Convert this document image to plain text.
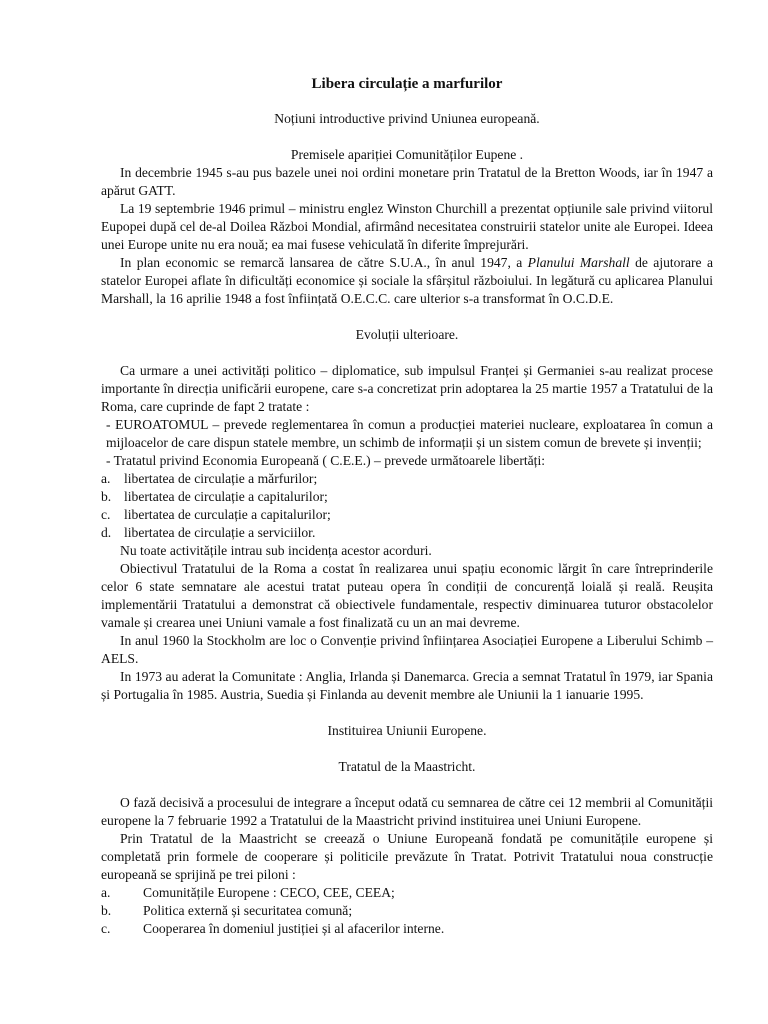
Libera circulație a marfurilor
Noțiuni introductive privind Uniunea europeană.
Premisele apariției Comunităților Eupene .

In decembrie 1945 s-au pus bazele unei noi ordini monetare prin Tratatul de la Bretton Woods, iar în 1947 a apărut GATT.

La 19 septembrie 1946 primul – ministru englez Winston Churchill a prezentat opțiunile sale privind viitorul Eupopei după cel de-al Doilea Război Mondial, afirmând necesitatea construirii statelor unite ale Europei. Ideea unei Europe unite nu era nouă; ea mai fusese vehiculată în diferite împrejurări.

In plan economic se remarcă lansarea de către S.U.A., în anul 1947, a Planului Marshall de ajutorare a statelor Europei aflate în dificultăți economice și sociale la sfârșitul războiului. In legătură cu aplicarea Planului Marshall, la 16 aprilie 1948 a fost înființată O.E.C.C. care ulterior s-a transformat în O.C.D.E.

Evoluții ulterioare.

Ca urmare a unei activități politico – diplomatice, sub impulsul Franței și Germaniei s-au realizat procese importante în direcția unificării europene, care s-a concretizat prin adoptarea la 25 martie 1957 a Tratatului de la Roma, care cuprinde de fapt 2 tratate :

- EUROATOMUL – prevede reglementarea în comun a producției materiei nucleare, exploatarea în comun a mijloacelor de care dispun statele membre, un schimb de informații și un sistem comun de brevete și invenții;

- Tratatul privind Economia Europeană ( C.E.E.) – prevede următoarele libertăți:

a. libertatea de circulație a mărfurilor;
b. libertatea de circulație a capitalurilor;
c. libertatea de curculație a capitalurilor;
d. libertatea de circulație a serviciilor.

Nu toate activitățile intrau sub incidența acestor acorduri.

Obiectivul Tratatului de la Roma a costat în realizarea unui spațiu economic lărgit în care întreprinderile celor 6 state semnatare ale acestui tratat puteau opera în condiții de concurență loială și reală. Reușita implementării Tratatului a demonstrat că obiectivele fundamentale, respectiv diminuarea tuturor obstacolelor vamale și crearea unei Uniuni vamale a fost finalizată cu un an mai devreme.

In anul 1960 la Stockholm are loc o Convenție privind înființarea Asociației Europene a Liberului Schimb – AELS.

In 1973 au aderat la Comunitate : Anglia, Irlanda și Danemarca. Grecia a semnat Tratatul în 1979, iar Spania și Portugalia în 1985. Austria, Suedia și Finlanda au devenit membre ale Uniunii la 1 ianuarie 1995.

Instituirea Uniunii Europene.
Tratatul de la Maastricht.

O fază decisivă a procesului de integrare a început odată cu semnarea de către cei 12 membrii al Comunității europene la 7 februarie 1992 a Tratatului de la Maastricht privind instituirea unei Uniuni Europene.

Prin Tratatul de la Maastricht se creează o Uniune Europeană fondată pe comunitățile europene și completată prin formele de cooperare și politicile prevăzute în Tratat. Potrivit Tratatului noua construcție europeană se sprijină pe trei piloni :

a.	Comunitățile Europene : CECO, CEE, CEEA;
b.	Politica externă și securitatea comună;
c.	Cooperarea în domeniul justiției și al afacerilor interne.
